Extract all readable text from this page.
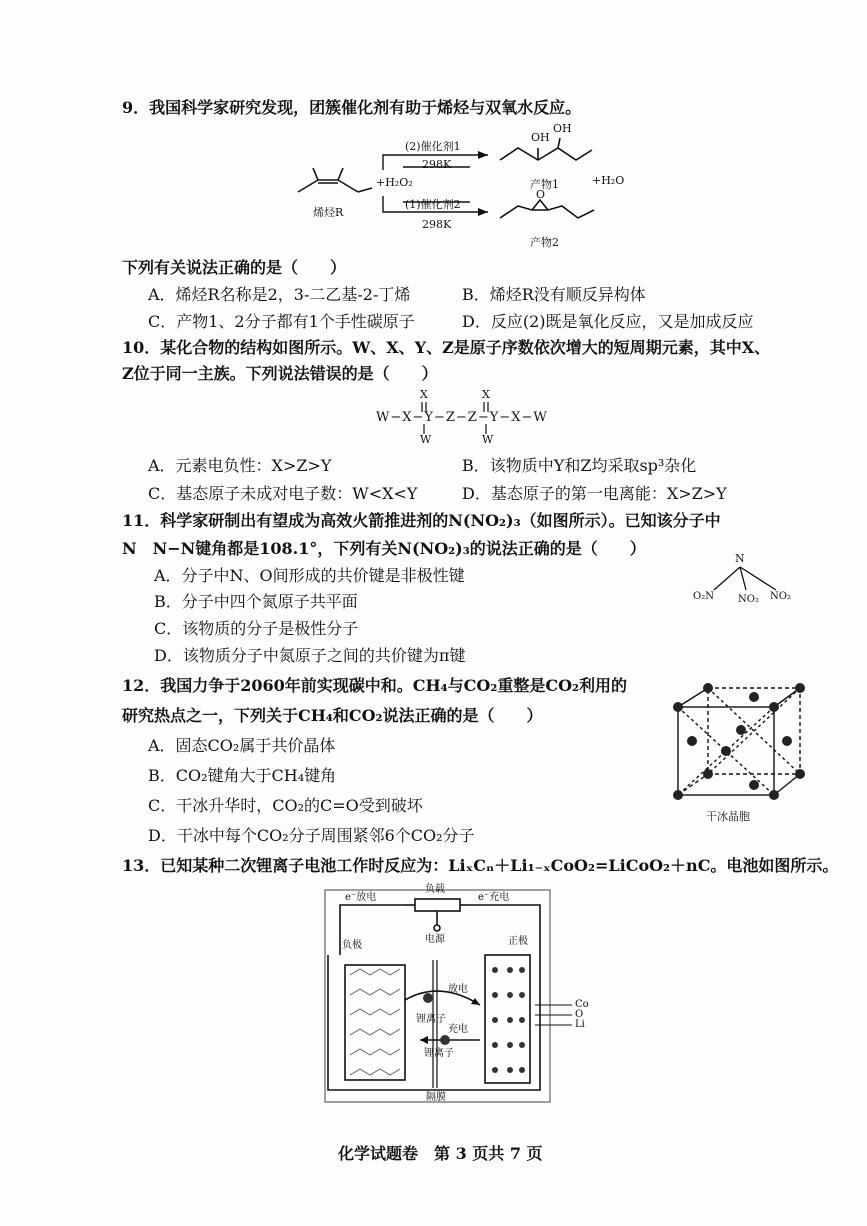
9．我国科学家研究发现，团簇催化剂有助于烯烃与双氧水反应。
OH
OH
O
烯烃R
+H₂O₂
(2)催化剂1
298K
(1)催化剂2
298K
产物1
产物2
+H₂O
下列有关说法正确的是（　　）
A．烯烃R名称是2，3-二乙基-2-丁烯	B．烯烃R没有顺反异构体
C．产物1、2分子都有1个手性碳原子	D．反应(2)既是氧化反应，又是加成反应
10．某化合物的结构如图所示。W、X、Y、Z是原子序数依次增大的短周期元素，其中X、
Z位于同一主族。下列说法错误的是（　　）
X	X
W−X−Y−Z−Z−Y−X−W
W	W
A．元素电负性：X>Z>Y	B．该物质中Y和Z均采取sp³杂化
C．基态原子未成对电子数：W<X<Y	D．基态原子的第一电离能：X>Z>Y
11．科学家研制出有望成为高效火箭推进剂的N(NO₂)₃（如图所示）。已知该分子中
N　N−N键角都是108.1°，下列有关N(NO₂)₃的说法正确的是（　　）
A．分子中N、O间形成的共价键是非极性键
B．分子中四个氮原子共平面
C．该物质的分子是极性分子
D．该物质分子中氮原子之间的共价键为π键
N
O₂N NO₂ NO₂
12．我国力争于2060年前实现碳中和。CH₄与CO₂重整是CO₂利用的
研究热点之一，下列关于CH₄和CO₂说法正确的是（　　）
A．固态CO₂属于共价晶体
B．CO₂键角大于CH₄键角
C．干冰升华时，CO₂的C=O受到破坏
D．干冰中每个CO₂分子周围紧邻6个CO₂分子
干冰晶胞
13．已知某种二次锂离子电池工作时反应为：LiₓCₙ＋Li₁₋ₓCoO₂=LiCoO₂＋nC。电池如图所示。
负载
e⁻放电	e⁻充电
电源
负极	正极
放电
锂离子
充电
锂离子
Co
O
Li
隔膜
化学试题卷　第 3 页共 7 页
